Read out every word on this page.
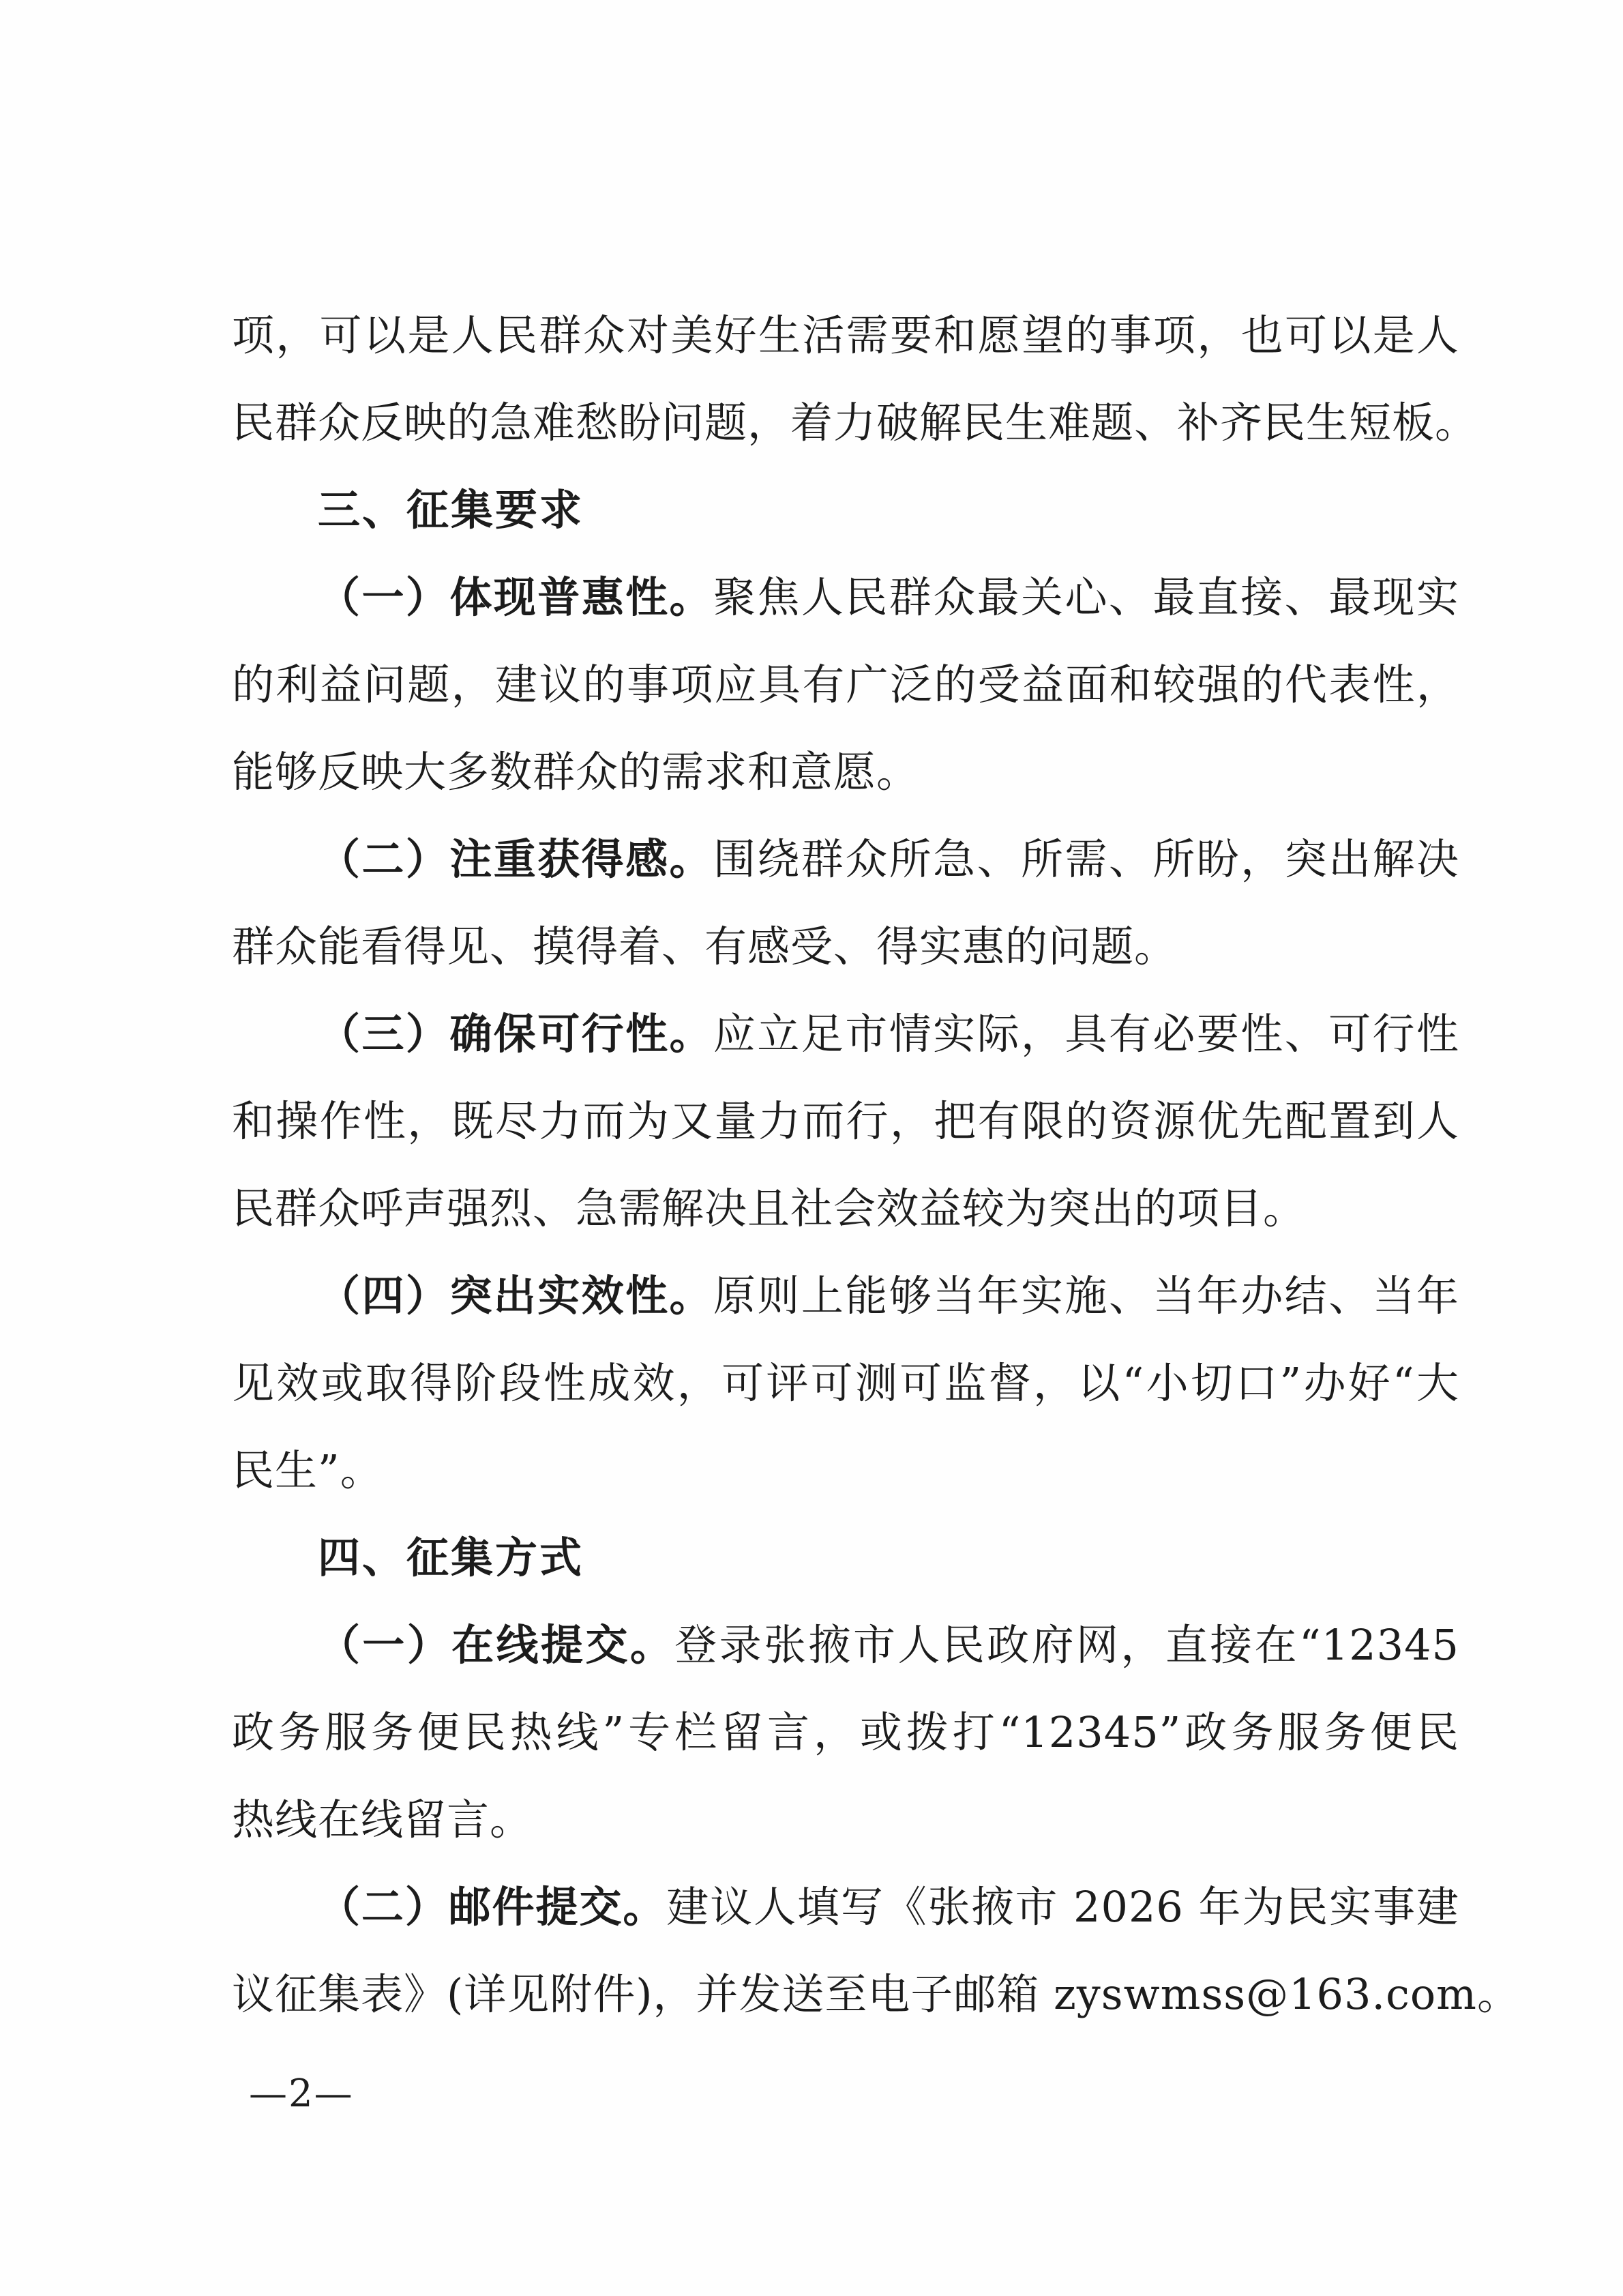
项，可以是人民群众对美好生活需要和愿望的事项，也可以是人
民群众反映的急难愁盼问题，着力破解民生难题、补齐民生短板。
三、征集要求
（一）体现普惠性。聚焦人民群众最关心、最直接、最现实
的利益问题，建议的事项应具有广泛的受益面和较强的代表性，
能够反映大多数群众的需求和意愿。
（二）注重获得感。围绕群众所急、所需、所盼，突出解决
群众能看得见、摸得着、有感受、得实惠的问题。
（三）确保可行性。应立足市情实际，具有必要性、可行性
和操作性，既尽力而为又量力而行，把有限的资源优先配置到人
民群众呼声强烈、急需解决且社会效益较为突出的项目。
（四）突出实效性。原则上能够当年实施、当年办结、当年
见效或取得阶段性成效，可评可测可监督，以“小切口”办好“大
民生”。
四、征集方式
（一）在线提交。登录张掖市人民政府网，直接在“12345
政务服务便民热线”专栏留言，或拨打“12345”政务服务便民
热线在线留言。
（二）邮件提交。建议人填写《张掖市 2026 年为民实事建
议征集表》(详见附件)，并发送至电子邮箱 zyswmss@163.com。
—2—
